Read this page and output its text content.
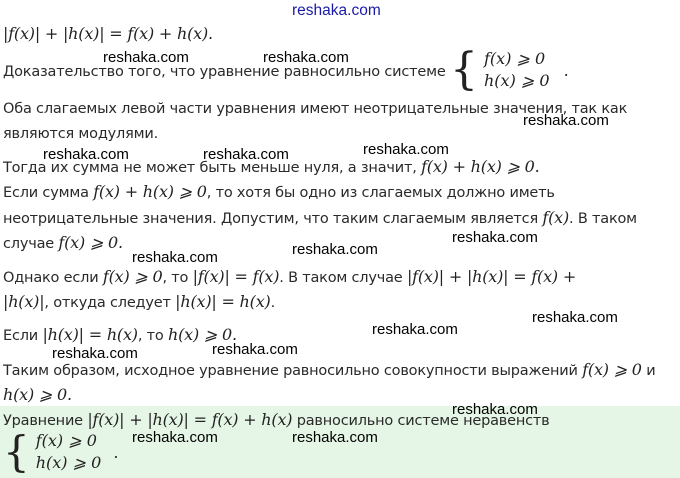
reshaka.com
|f(x)| + |h(x)| = f(x) + h(x).
Доказательство того, что уравнение равносильно системе { f(x) ⩾ 0
h(x) ⩾ 0
.
Оба слагаемых левой части уравнения имеют неотрицательные значения, так как
являются модулями.
Тогда их сумма не может быть меньше нуля, а значит, f(x) + h(x) ⩾ 0.
Если сумма f(x) + h(x) ⩾ 0, то хотя бы одно из слагаемых должно иметь
неотрицательные значения. Допустим, что таким слагаемым является f(x). В таком
случае f(x) ⩾ 0.
Однако если f(x) ⩾ 0, то |f(x)| = f(x). В таком случае |f(x)| + |h(x)| = f(x) +
|h(x)|, откуда следует |h(x)| = h(x).
Если |h(x)| = h(x), то h(x) ⩾ 0.
Таким образом, исходное уравнение равносильно совокупности выражений f(x) ⩾ 0 и
h(x) ⩾ 0.
Уравнение |f(x)| + |h(x)| = f(x) + h(x) равносильно системе неравенств
{ f(x) ⩾ 0
h(x) ⩾ 0
.
reshaka.com	reshaka.com
reshaka.com
reshaka.com
reshaka.com	reshaka.com
reshaka.com
reshaka.com
reshaka.com
reshaka.com
reshaka.com
reshaka.com
reshaka.com
reshaka.com
reshaka.com	reshaka.com
